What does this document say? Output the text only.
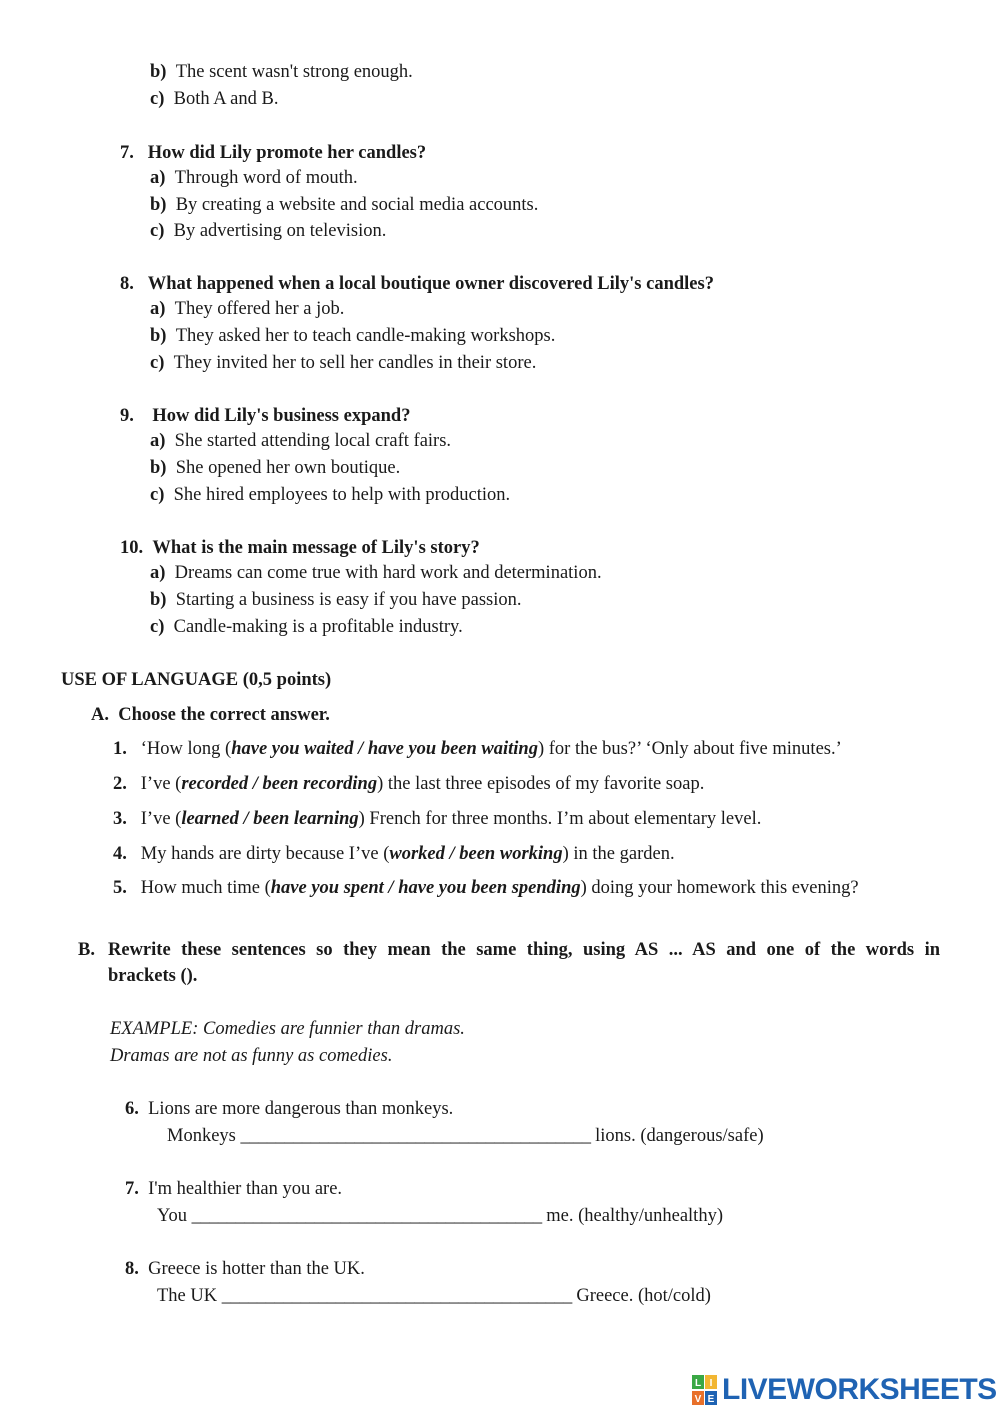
b) The scent wasn't strong enough.
c) Both A and B.
7. How did Lily promote her candles?
a) Through word of mouth.
b) By creating a website and social media accounts.
c) By advertising on television.
8. What happened when a local boutique owner discovered Lily's candles?
a) They offered her a job.
b) They asked her to teach candle-making workshops.
c) They invited her to sell her candles in their store.
9. How did Lily's business expand?
a) She started attending local craft fairs.
b) She opened her own boutique.
c) She hired employees to help with production.
10. What is the main message of Lily's story?
a) Dreams can come true with hard work and determination.
b) Starting a business is easy if you have passion.
c) Candle-making is a profitable industry.
USE OF LANGUAGE (0,5 points)
A. Choose the correct answer.
1. ‘How long (have you waited / have you been waiting) for the bus?’ ‘Only about five minutes.’
2. I’ve (recorded / been recording) the last three episodes of my favorite soap.
3. I’ve (learned / been learning) French for three months. I’m about elementary level.
4. My hands are dirty because I’ve (worked / been working) in the garden.
5. How much time (have you spent / have you been spending) doing your homework this evening?
B. Rewrite these sentences so they mean the same thing, using AS ... AS and one of the words in
brackets ().
EXAMPLE: Comedies are funnier than dramas.
Dramas are not as funny as comedies.
6. Lions are more dangerous than monkeys.
Monkeys ________________________________________ lions. (dangerous/safe)
7. I'm healthier than you are.
You ________________________________________ me. (healthy/unhealthy)
8. Greece is hotter than the UK.
The UK ________________________________________ Greece. (hot/cold)
L I
V E LIVEWORKSHEETS
